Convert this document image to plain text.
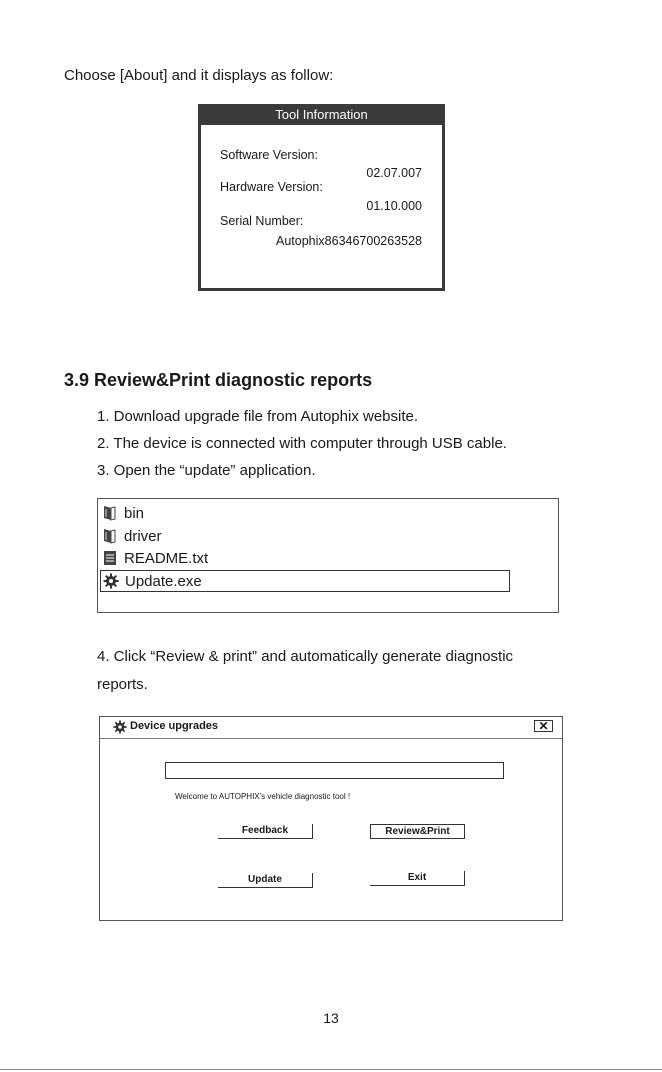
Choose [About] and it displays as follow:
Tool Information
Software Version:
02.07.007
Hardware Version:
01.10.000
Serial Number:
Autophix86346700263528
3.9 Review&Print diagnostic reports
1. Download upgrade file from Autophix website.
2. The device is connected with computer through USB cable.
3. Open the “update” application.
bin
driver
README.txt
Update.exe
4. Click “Review & print” and automatically generate diagnostic
reports.
Device upgrades	✕
Welcome to AUTOPHIX's vehicle diagnostic tool !
Feedback	Review&Print
Update	Exit
13
